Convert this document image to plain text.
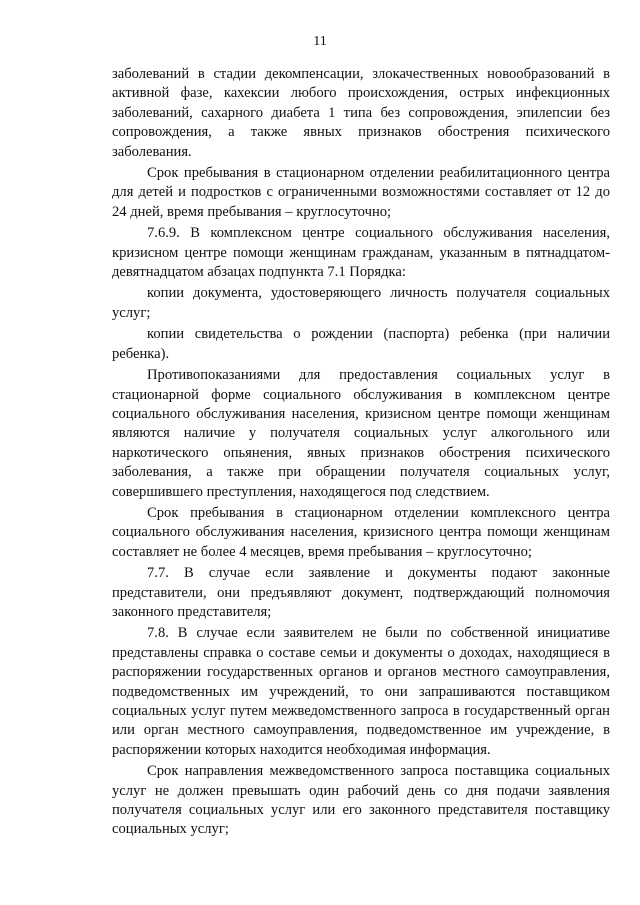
11

заболеваний в стадии декомпенсации, злокачественных новообразований в активной фазе, кахексии любого происхождения, острых инфекционных заболеваний, сахарного диабета 1 типа без сопровождения, эпилепсии без сопровождения, а также явных признаков обострения психического заболевания.

Срок пребывания в стационарном отделении реабилитационного центра для детей и подростков с ограниченными возможностями составляет от 12 до 24 дней, время пребывания – круглосуточно;

7.6.9. В комплексном центре социального обслуживания населения, кризисном центре помощи женщинам гражданам, указанным в пятнадцатом-девятнадцатом абзацах подпункта 7.1 Порядка:

копии документа, удостоверяющего личность получателя социальных услуг;

копии свидетельства о рождении (паспорта) ребенка (при наличии ребенка).

Противопоказаниями для предоставления социальных услуг в стационарной форме социального обслуживания в комплексном центре социального обслуживания населения, кризисном центре помощи женщинам являются наличие у получателя социальных услуг алкогольного или наркотического опьянения, явных признаков обострения психического заболевания, а также при обращении получателя социальных услуг, совершившего преступления, находящегося под следствием.

Срок пребывания в стационарном отделении комплексного центра социального обслуживания населения, кризисного центра помощи женщинам составляет не более 4 месяцев, время пребывания – круглосуточно;

7.7. В случае если заявление и документы подают законные представители, они предъявляют документ, подтверждающий полномочия законного представителя;

7.8. В случае если заявителем не были по собственной инициативе представлены справка о составе семьи и документы о доходах, находящиеся в распоряжении государственных органов и органов местного самоуправления, подведомственных им учреждений, то они запрашиваются поставщиком социальных услуг путем межведомственного запроса в государственный орган или орган местного самоуправления, подведомственное им учреждение, в распоряжении которых находится необходимая информация.

Срок направления межведомственного запроса поставщика социальных услуг не должен превышать один рабочий день со дня подачи заявления получателя социальных услуг или его законного представителя поставщику социальных услуг;
